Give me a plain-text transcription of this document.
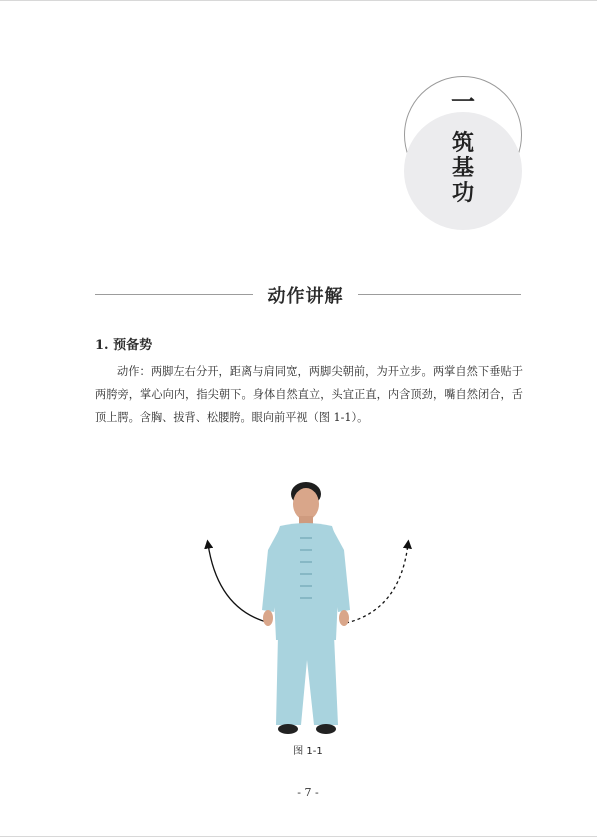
一
筑基功
动作讲解
1. 预备势

动作：两脚左右分开，距离与肩同宽，两脚尖朝前，为开立步。两掌自然下垂贴于两胯旁，掌心向内，指尖朝下。身体自然直立，头宜正直，内含顶劲，嘴自然闭合，舌顶上腭。含胸、拔背、松腰胯。眼向前平视（图 1-1）。

图 1-1
- 7 -
